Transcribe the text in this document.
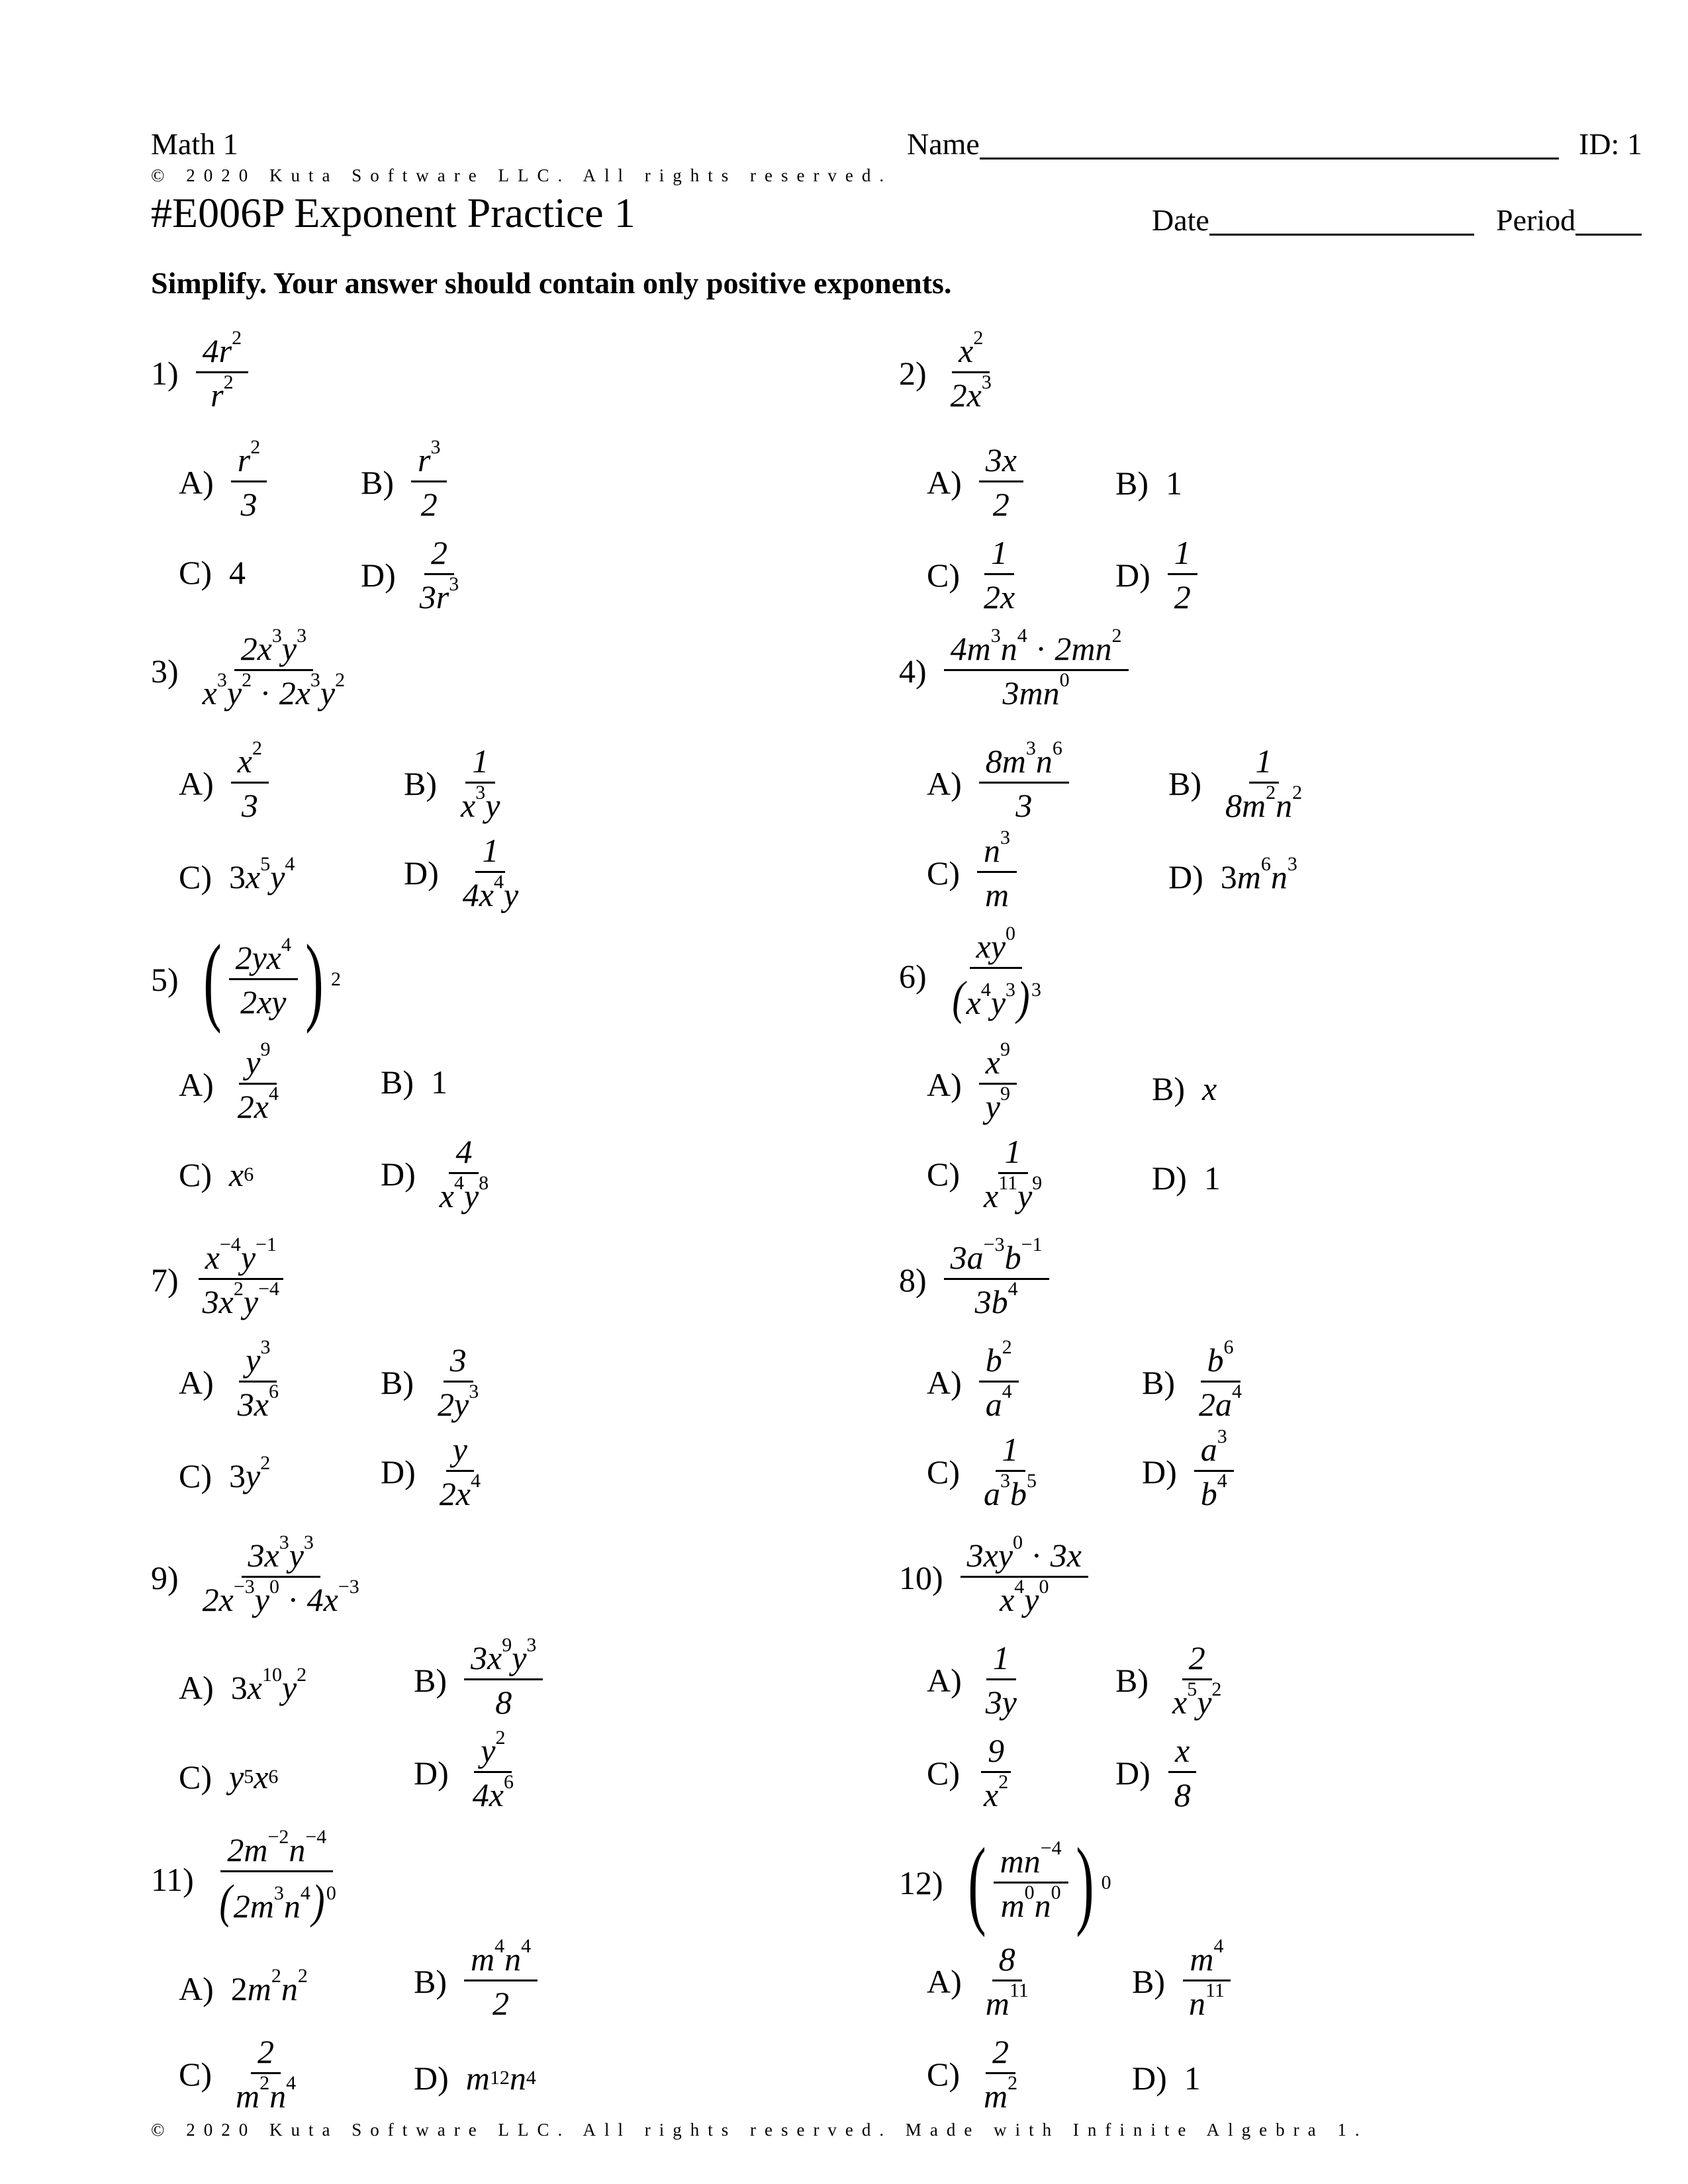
Math 1	Name	ID: 1
© 2020 Kuta Software LLC. All rights reserved.
#E006P Exponent Practice 1	Date	Period
Simplify. Your answer should contain only positive exponents.
1)
$4r^2$
$r^2$
A)
$r^2$
3
B)
$r^3$
2
C) 4	D)
2
$3r^3$
2)
$x^2$
$2x^3$
A)
3x
2
B) 1
C)
1
2x
D)
1
2
3)
$2x^3y^3$
$x^3y^2 \cdot 2x^3y^2$
A)
$x^2$
3
B)
1
$x^3y$
C) $3x^5y^4$	D)
1
$4x^4y$
4)
$4m^3n^4 \cdot 2mn^2$
$3mn^0$
A)
$8m^3n^6$
3
B)
1
$8m^2n^2$
C)
$n^3$
m	D) $3m^6n^3$
5) ( $2yx^4$
2xy ) 2
A)
$y^9$
$2x^4$	B) 1
C) x 6	D)
4
$x^4y^8$
6)
$xy^0$
$(x^4y^3)^3$
A)
$x^9$
$y^9$	B) x
C)
1
$x^{11}y^9$	D) 1
7)
$x^{-4}y^{-1}$
$3x^2y^{-4}$
A)
$y^3$
$3x^6$	B)
3
$2y^3$
C) $3y^2$	D)
y
$2x^4$
8)
$3a^{-3}b^{-1}$
$3b^4$
A)
$b^2$
$a^4$	B)
$b^6$
$2a^4$
C)
1
$a^3b^5$	D)
$a^3$
$b^4$
9)
$3x^3y^3$
$2x^{-3}y^0 \cdot 4x^{-3}$
A) $3x^{10}y^2$	B)
$3x^9y^3$
8
C) y 5 x 6	D)
$y^2$
$4x^6$
10)
$3xy^0 \cdot 3x$
$x^4y^0$
A)
1
3y
B)
2
$x^5y^2$
C)
9
$x^2$	D)
x
8
11)
$2m^{-2}n^{-4}$
$(2m^3n^4)^0$
A) $2m^2n^2$	B)
$m^4n^4$
2
C)
2
$m^2n^4$	D) m 12 n 4
12) ( $mn^{-4}$
$m^0n^0$ ) 0
A)
8
$m^{11}$	B)
$m^4$
$n^{11}$
C)
2
$m^2$	D) 1
© 2020 Kuta Software LLC. All rights reserved. Made with Infinite Algebra 1.
